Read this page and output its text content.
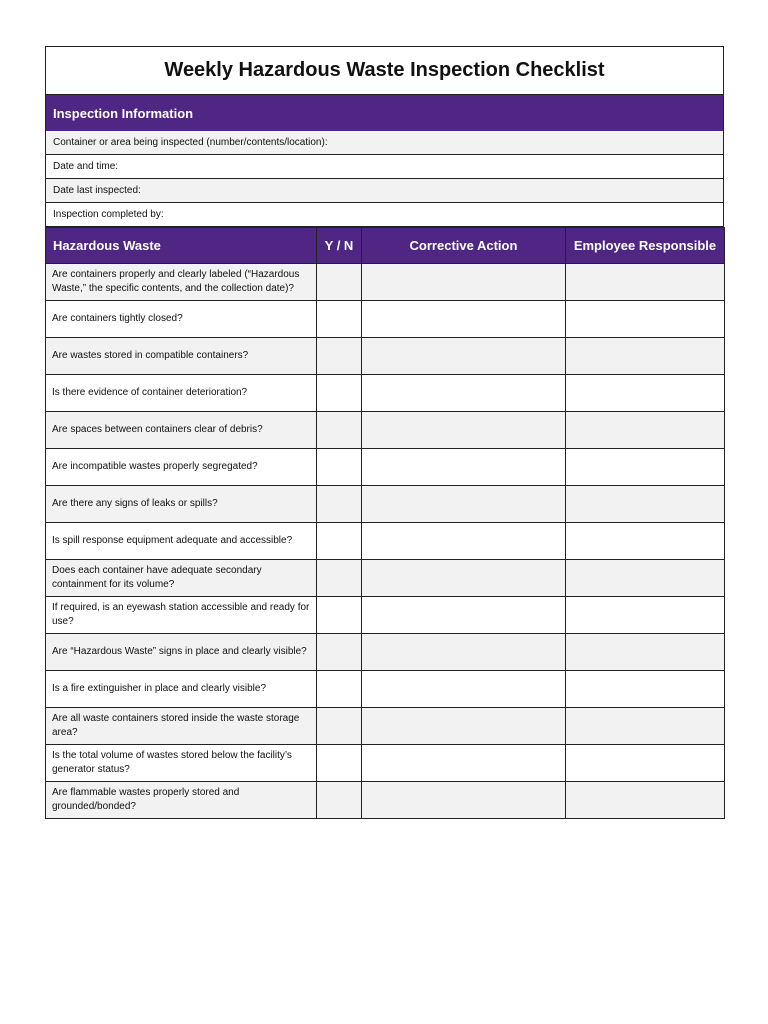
Weekly Hazardous Waste Inspection Checklist
Inspection Information
Container or area being inspected (number/contents/location):
Date and time:
Date last inspected:
Inspection completed by:
Hazardous Waste	Y / N	Corrective Action	Employee Responsible
Are containers properly and clearly labeled (“Hazardous Waste,” the specific contents, and the collection date)?			
Are containers tightly closed?			
Are wastes stored in compatible containers?			
Is there evidence of container deterioration?			
Are spaces between containers clear of debris?			
Are incompatible wastes properly segregated?			
Are there any signs of leaks or spills?			
Is spill response equipment adequate and accessible?			
Does each container have adequate secondary containment for its volume?			
If required, is an eyewash station accessible and ready for use?			
Are “Hazardous Waste” signs in place and clearly visible?			
Is a fire extinguisher in place and clearly visible?			
Are all waste containers stored inside the waste storage area?			
Is the total volume of wastes stored below the facility’s generator status?			
Are flammable wastes properly stored and grounded/bonded?			
